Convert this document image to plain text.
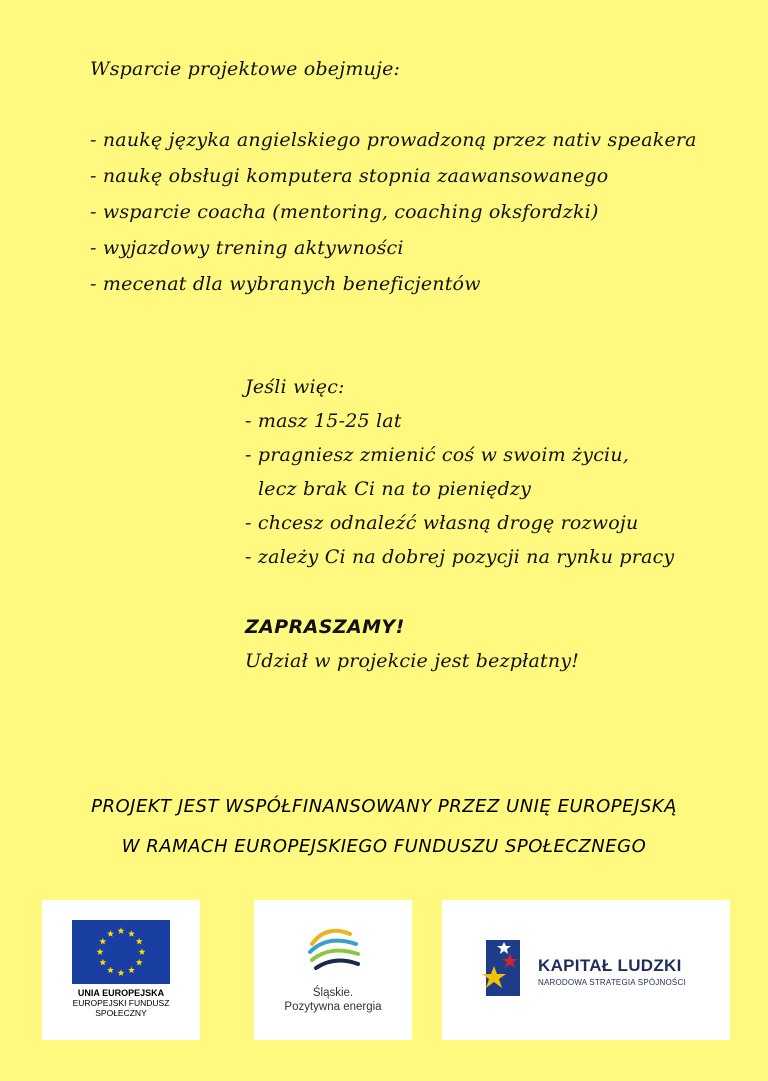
Wsparcie projektowe obejmuje:
- naukę języka angielskiego prowadzoną przez nativ speakera
- naukę obsługi komputera stopnia zaawansowanego
- wsparcie coacha (mentoring, coaching oksfordzki)
- wyjazdowy trening aktywności
- mecenat dla wybranych beneficjentów
Jeśli więc:
- masz 15-25 lat
- pragniesz zmienić coś w swoim życiu,
lecz brak Ci na to pieniędzy
- chcesz odnaleźć własną drogę rozwoju
- zależy Ci na dobrej pozycji na rynku pracy
ZAPRASZAMY!
Udział w projekcie jest bezpłatny!
PROJEKT JEST WSPÓŁFINANSOWANY PRZEZ UNIĘ EUROPEJSKĄ
W RAMACH EUROPEJSKIEGO FUNDUSZU SPOŁECZNEGO
UNIA EUROPEJSKA
EUROPEJSKI FUNDUSZ
SPOŁECZNY
Śląskie.
Pozytywna energia
KAPITAŁ LUDZKI
NARODOWA STRATEGIA SPÓJNOŚCI
